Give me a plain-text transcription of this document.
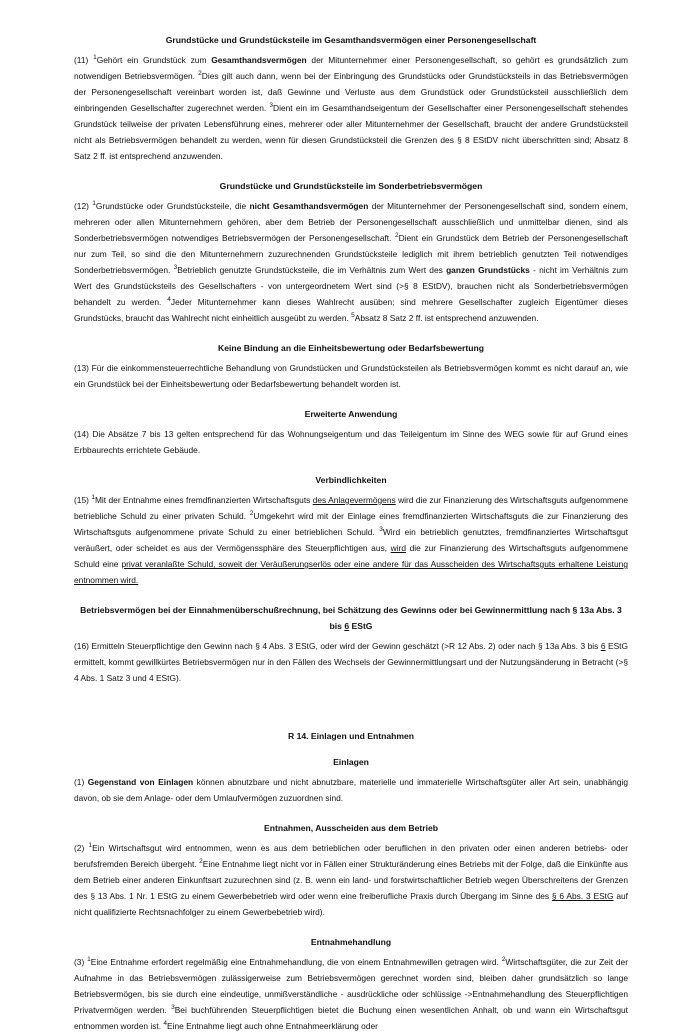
Grundstücke und Grundstücksteile im Gesamthandsvermögen einer Personengesellschaft

(11) $^1$Gehört ein Grundstück zum Gesamthandsvermögen der Mitunternehmer einer Personengesellschaft, so gehört es grundsätzlich zum notwendigen Betriebsvermögen. $^2$Dies gilt auch dann, wenn bei der Einbringung des Grundstücks oder Grundstücksteils in das Betriebsvermögen der Personengesellschaft vereinbart worden ist, daß Gewinne und Verluste aus dem Grundstück oder Grundstücksteil ausschließlich dem einbringenden Gesellschafter zugerechnet werden. $^3$Dient ein im Gesamthandseigentum der Gesellschafter einer Personengesellschaft stehendes Grundstück teilweise der privaten Lebensführung eines, mehrerer oder aller Mitunternehmer der Gesellschaft, braucht der andere Grundstücksteil nicht als Betriebsvermögen behandelt zu werden, wenn für diesen Grundstücksteil die Grenzen des § 8 EStDV nicht überschritten sind; Absatz 8 Satz 2 ff. ist entsprechend anzuwenden.

Grundstücke und Grundstücksteile im Sonderbetriebsvermögen

(12) $^1$Grundstücke oder Grundstücksteile, die nicht Gesamthandsvermögen der Mitunternehmer der Personengesellschaft sind, sondern einem, mehreren oder allen Mitunternehmern gehören, aber dem Betrieb der Personengesellschaft ausschließlich und unmittelbar dienen, sind als Sonderbetriebsvermögen notwendiges Betriebsvermögen der Personengesellschaft. $^2$Dient ein Grundstück dem Betrieb der Personengesellschaft nur zum Teil, so sind die den Mitunternehmern zuzurechnenden Grundstücksteile lediglich mit ihrem betrieblich genutzten Teil notwendiges Sonderbetriebsvermögen. $^3$Betrieblich genutzte Grundstücksteile, die im Verhältnis zum Wert des ganzen Grundstücks - nicht im Verhältnis zum Wert des Grundstücksteils des Gesellschafters - von untergeordnetem Wert sind (>§ 8 EStDV), brauchen nicht als Sonderbetriebsvermögen behandelt zu werden. $^4$Jeder Mitunternehmer kann dieses Wahlrecht ausüben; sind mehrere Gesellschafter zugleich Eigentümer dieses Grundstücks, braucht das Wahlrecht nicht einheitlich ausgeübt zu werden. $^5$Absatz 8 Satz 2 ff. ist entsprechend anzuwenden.

Keine Bindung an die Einheitsbewertung oder Bedarfsbewertung

(13) Für die einkommensteuerrechtliche Behandlung von Grundstücken und Grundstücksteilen als Betriebsvermögen kommt es nicht darauf an, wie ein Grundstück bei der Einheitsbewertung oder Bedarfsbewertung behandelt worden ist.

Erweiterte Anwendung

(14) Die Absätze 7 bis 13 gelten entsprechend für das Wohnungseigentum und das Teileigentum im Sinne des WEG sowie für auf Grund eines Erbbaurechts errichtete Gebäude.

Verbindlichkeiten

(15) $^1$Mit der Entnahme eines fremdfinanzierten Wirtschaftsguts des Anlagevermögens wird die zur Finanzierung des Wirtschaftsguts aufgenommene betriebliche Schuld zu einer privaten Schuld. $^2$Umgekehrt wird mit der Einlage eines fremdfinanzierten Wirtschaftsguts die zur Finanzierung des Wirtschaftsguts aufgenommene private Schuld zu einer betrieblichen Schuld. $^3$Wird ein betrieblich genutztes, fremdfinanziertes Wirtschaftsgut veräußert, oder scheidet es aus der Vermögenssphäre des Steuerpflichtigen aus, wird die zur Finanzierung des Wirtschaftsguts aufgenommene Schuld eine privat veranlaßte Schuld, soweit der Veräußerungserlös oder eine andere für das Ausscheiden des Wirtschaftsguts erhaltene Leistung entnommen wird.

Betriebsvermögen bei der Einnahmenüberschußrechnung, bei Schätzung des Gewinns oder bei Gewinnermittlung nach § 13a Abs. 3 bis 6 EStG

(16) Ermitteln Steuerpflichtige den Gewinn nach § 4 Abs. 3 EStG, oder wird der Gewinn geschätzt (>R 12 Abs. 2) oder nach § 13a Abs. 3 bis 6 EStG ermittelt, kommt gewillkürtes Betriebsvermögen nur in den Fällen des Wechsels der Gewinnermittlungsart und der Nutzungsänderung in Betracht (>§ 4 Abs. 1 Satz 3 und 4 EStG).

R 14. Einlagen und Entnahmen
Einlagen

(1) Gegenstand von Einlagen können abnutzbare und nicht abnutzbare, materielle und immaterielle Wirtschaftsgüter aller Art sein, unabhängig davon, ob sie dem Anlage- oder dem Umlaufvermögen zuzuordnen sind.

Entnahmen, Ausscheiden aus dem Betrieb

(2) $^1$Ein Wirtschaftsgut wird entnommen, wenn es aus dem betrieblichen oder beruflichen in den privaten oder einen anderen betriebs- oder berufsfremden Bereich übergeht. $^2$Eine Entnahme liegt nicht vor in Fällen einer Strukturänderung eines Betriebs mit der Folge, daß die Einkünfte aus dem Betrieb einer anderen Einkunftsart zuzurechnen sind (z. B. wenn ein land- und forstwirtschaftlicher Betrieb wegen Überschreitens der Grenzen des § 13 Abs. 1 Nr. 1 EStG zu einem Gewerbebetrieb wird oder wenn eine freiberufliche Praxis durch Übergang im Sinne des § 6 Abs. 3 EStG auf nicht qualifizierte Rechtsnachfolger zu einem Gewerbebetrieb wird).

Entnahmehandlung

(3) $^1$Eine Entnahme erfordert regelmäßig eine Entnahmehandlung, die von einem Entnahmewillen getragen wird. $^2$Wirtschaftsgüter, die zur Zeit der Aufnahme in das Betriebsvermögen zulässigerweise zum Betriebsvermögen gerechnet worden sind, bleiben daher grundsätzlich so lange Betriebsvermögen, bis sie durch eine eindeutige, unmißverständliche - ausdrückliche oder schlüssige ->Entnahmehandlung des Steuerpflichtigen Privatvermögen werden. $^3$Bei buchführenden Steuerpflichtigen bietet die Buchung einen wesentlichen Anhalt, ob und wann ein Wirtschaftsgut entnommen worden ist. $^4$Eine Entnahme liegt auch ohne Entnahmeerklärung oder
